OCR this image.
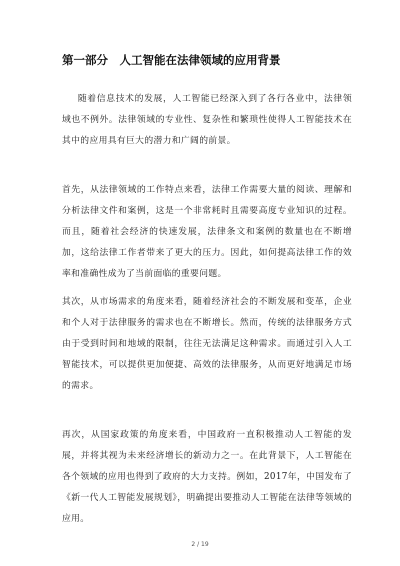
第一部分　人工智能在法律领域的应用背景

随着信息技术的发展，人工智能已经深入到了各行各业中，法律领域也不例外。法律领域的专业性、复杂性和繁琐性使得人工智能技术在其中的应用具有巨大的潜力和广阔的前景。

首先，从法律领域的工作特点来看，法律工作需要大量的阅读、理解和分析法律文件和案例，这是一个非常耗时且需要高度专业知识的过程。而且，随着社会经济的快速发展，法律条文和案例的数量也在不断增加，这给法律工作者带来了更大的压力。因此，如何提高法律工作的效率和准确性成为了当前面临的重要问题。

其次，从市场需求的角度来看，随着经济社会的不断发展和变革，企业和个人对于法律服务的需求也在不断增长。然而，传统的法律服务方式由于受到时间和地域的限制，往往无法满足这种需求。而通过引入人工智能技术，可以提供更加便捷、高效的法律服务，从而更好地满足市场的需求。

再次，从国家政策的角度来看，中国政府一直积极推动人工智能的发展，并将其视为未来经济增长的新动力之一。在此背景下，人工智能在各个领域的应用也得到了政府的大力支持。例如，2017年，中国发布了《新一代人工智能发展规划》，明确提出要推动人工智能在法律等领域的应用。

2 / 19
